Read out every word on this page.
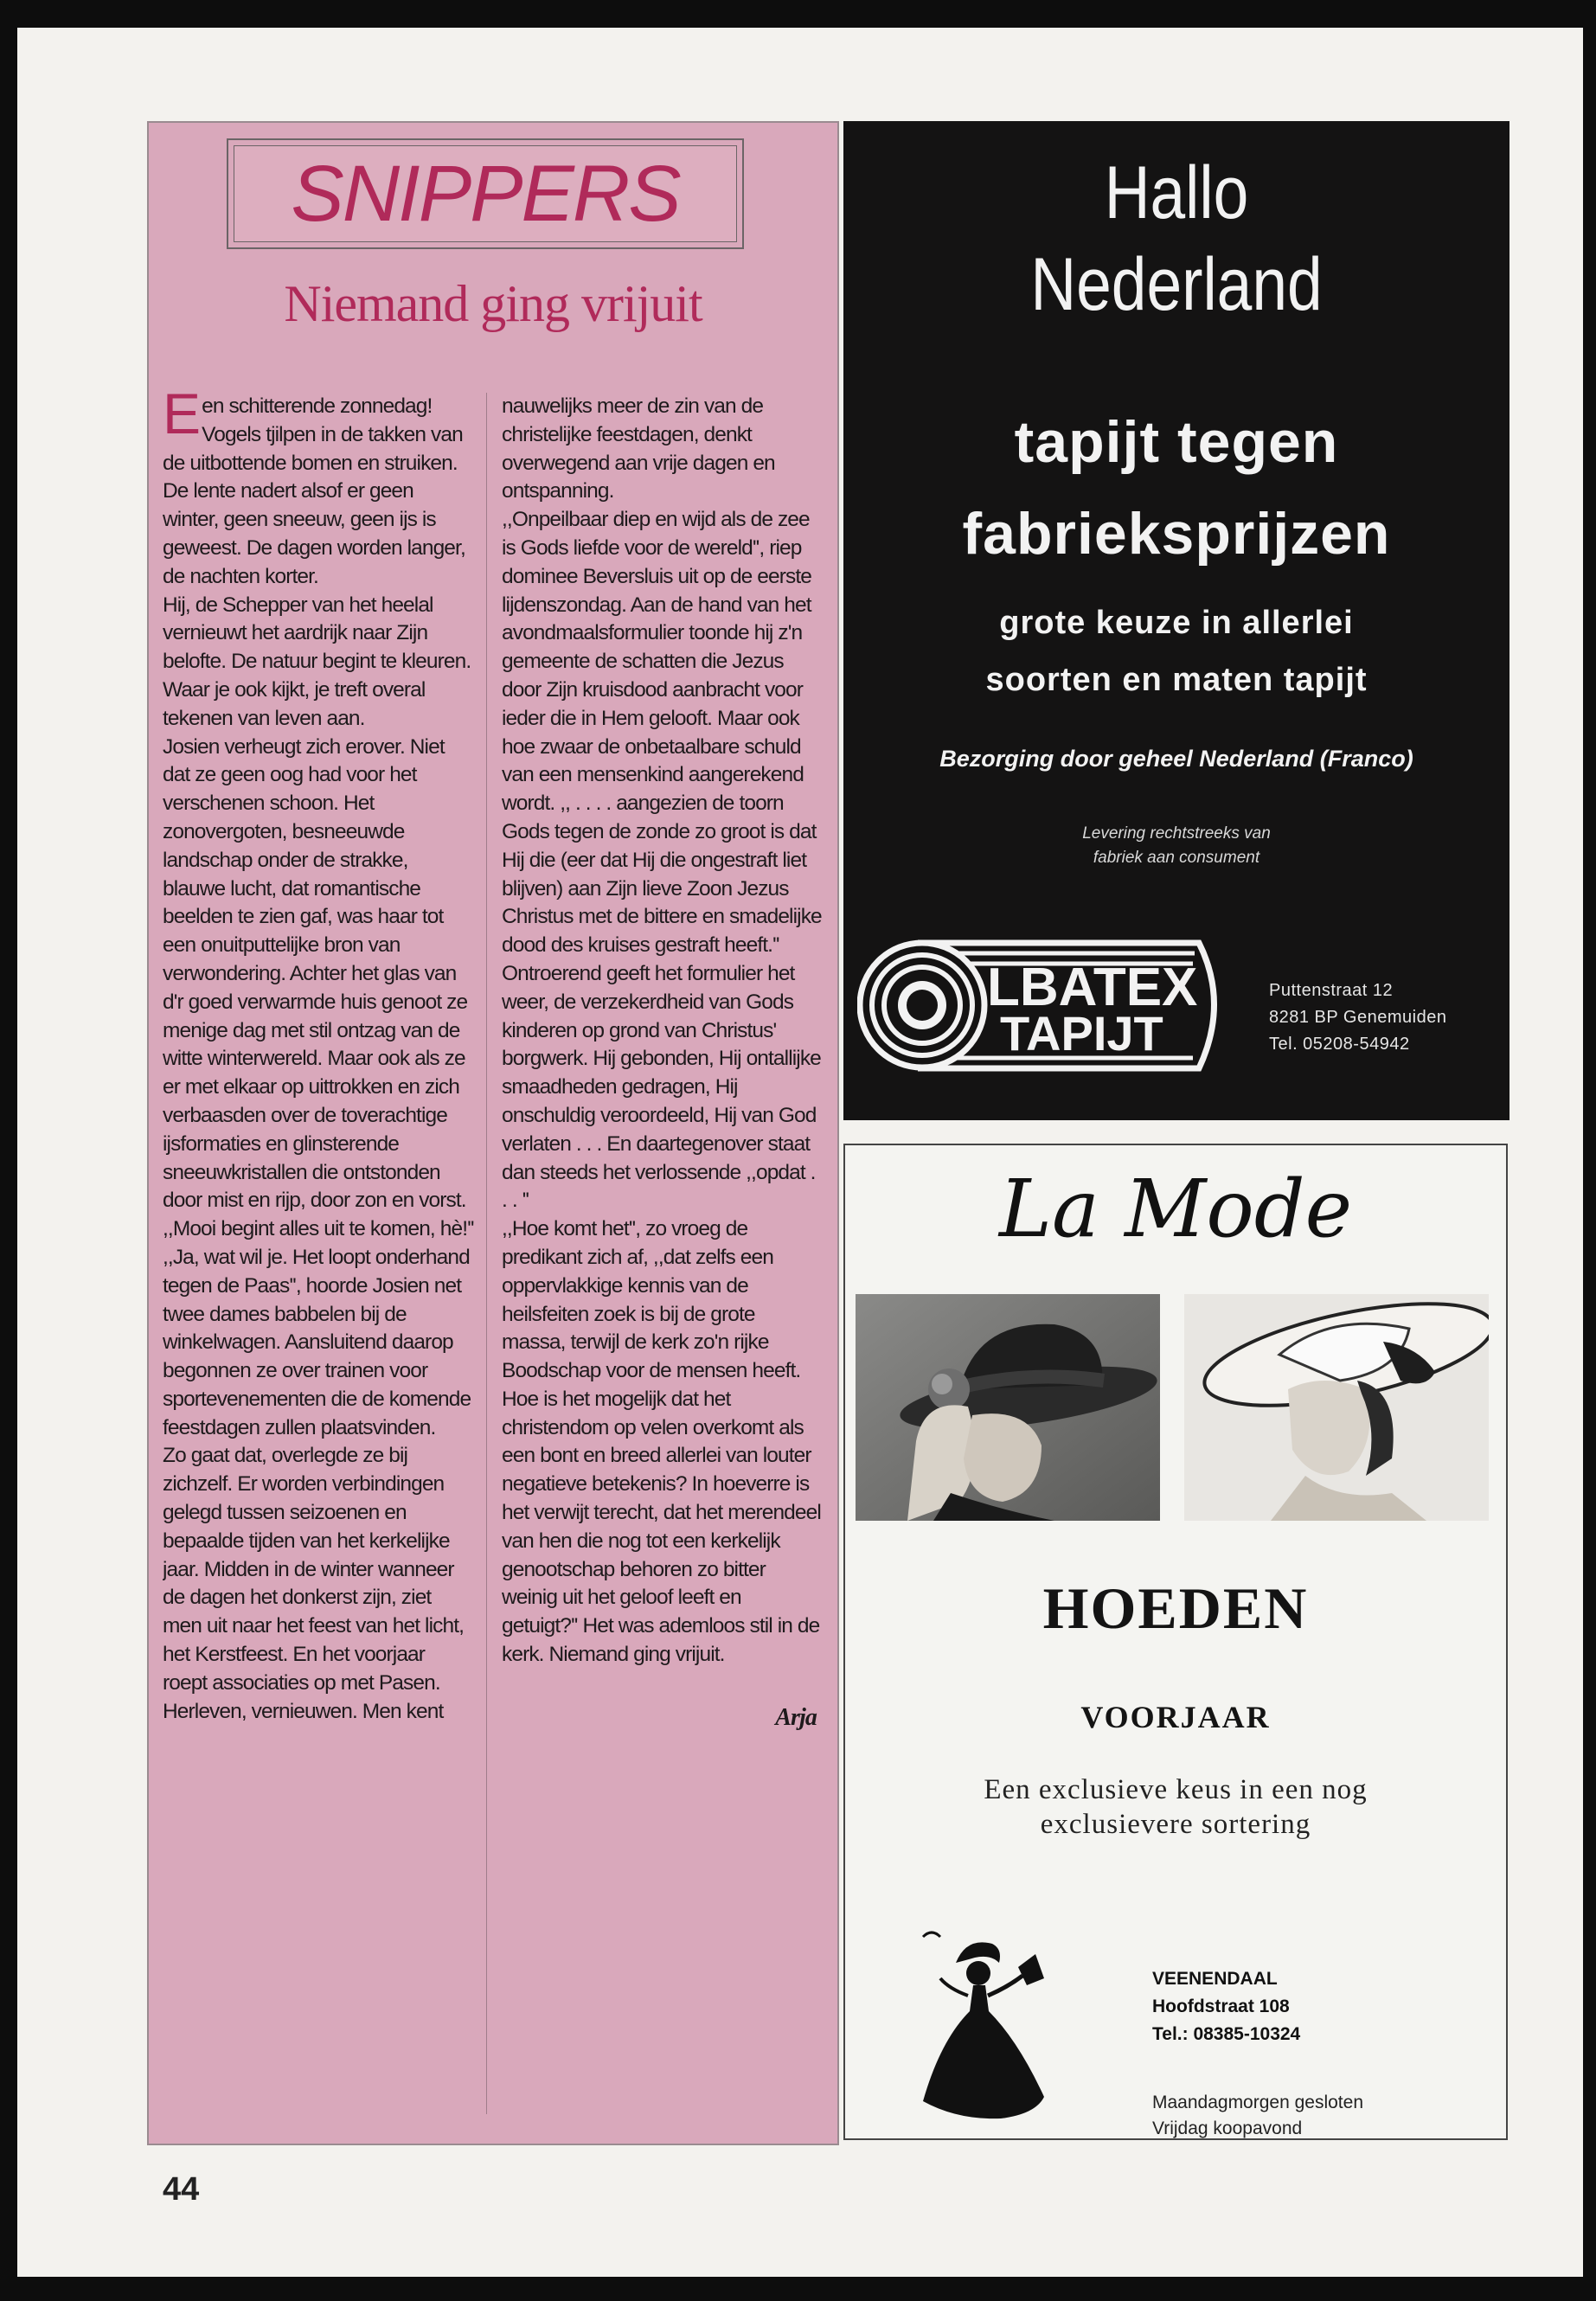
SNIPPERS
Niemand ging vrijuit

Een schitterende zonnedag! Vogels tjilpen in de takken van de uitbottende bomen en struiken. De lente nadert alsof er geen winter, geen sneeuw, geen ijs is geweest. De dagen worden langer, de nachten korter.

Hij, de Schepper van het heelal vernieuwt het aardrijk naar Zijn belofte. De natuur begint te kleuren. Waar je ook kijkt, je treft overal tekenen van leven aan.

Josien verheugt zich erover. Niet dat ze geen oog had voor het verschenen schoon. Het zonovergoten, besneeuwde landschap onder de strakke, blauwe lucht, dat romantische beelden te zien gaf, was haar tot een onuitputtelijke bron van verwondering. Achter het glas van d'r goed verwarmde huis genoot ze menige dag met stil ontzag van de witte winterwereld. Maar ook als ze er met elkaar op uittrokken en zich verbaasden over de toverachtige ijsformaties en glinsterende sneeuwkristallen die ontstonden door mist en rijp, door zon en vorst.

,,Mooi begint alles uit te komen, hè!''

,,Ja, wat wil je. Het loopt onderhand tegen de Paas'', hoorde Josien net twee dames babbelen bij de winkelwagen. Aansluitend daarop begonnen ze over trainen voor sportevenementen die de komende feestdagen zullen plaatsvinden.

Zo gaat dat, overlegde ze bij zichzelf. Er worden verbindingen gelegd tussen seizoenen en bepaalde tijden van het kerkelijke jaar. Midden in de winter wanneer de dagen het donkerst zijn, ziet men uit naar het feest van het licht, het Kerstfeest. En het voorjaar roept associaties op met Pasen. Herleven, vernieuwen. Men kent

nauwelijks meer de zin van de christelijke feestdagen, denkt overwegend aan vrije dagen en ontspanning.

,,Onpeilbaar diep en wijd als de zee is Gods liefde voor de wereld'', riep dominee Beversluis uit op de eerste lijdenszondag. Aan de hand van het avondmaalsformulier toonde hij z'n gemeente de schatten die Jezus door Zijn kruisdood aanbracht voor ieder die in Hem gelooft. Maar ook hoe zwaar de onbetaalbare schuld van een mensenkind aangerekend wordt. ,, . . . . aangezien de toorn Gods tegen de zonde zo groot is dat Hij die (eer dat Hij die ongestraft liet blijven) aan Zijn lieve Zoon Jezus Christus met de bittere en smadelijke dood des kruises gestraft heeft.''

Ontroerend geeft het formulier het weer, de verzekerdheid van Gods kinderen op grond van Christus' borgwerk. Hij gebonden, Hij ontallijke smaadheden gedragen, Hij onschuldig veroordeeld, Hij van God verlaten . . . En daartegenover staat dan steeds het verlossende ,,opdat . . . ''

,,Hoe komt het'', zo vroeg de predikant zich af, ,,dat zelfs een oppervlakkige kennis van de heilsfeiten zoek is bij de grote massa, terwijl de kerk zo'n rijke Boodschap voor de mensen heeft. Hoe is het mogelijk dat het christendom op velen overkomt als een bont en breed allerlei van louter negatieve betekenis? In hoeverre is het verwijt terecht, dat het merendeel van hen die nog tot een kerkelijk genootschap behoren zo bitter weinig uit het geloof leeft en getuigt?'' Het was ademloos stil in de kerk. Niemand ging vrijuit.

Arja

Hallo
Nederland
tapijt tegen
fabrieksprijzen
grote keuze in allerlei
soorten en maten tapijt
Bezorging door geheel Nederland (Franco)
Levering rechtstreeks van
fabriek aan consument
LBATEX
TAPIJT
Puttenstraat 12
8281 BP Genemuiden
Tel. 05208-54942
La Mode
HOEDEN
VOORJAAR
Een exclusieve keus in een nog
exclusievere sortering
VEENENDAAL
Hoofdstraat 108
Tel.: 08385-10324
Maandagmorgen gesloten
Vrijdag koopavond
44
